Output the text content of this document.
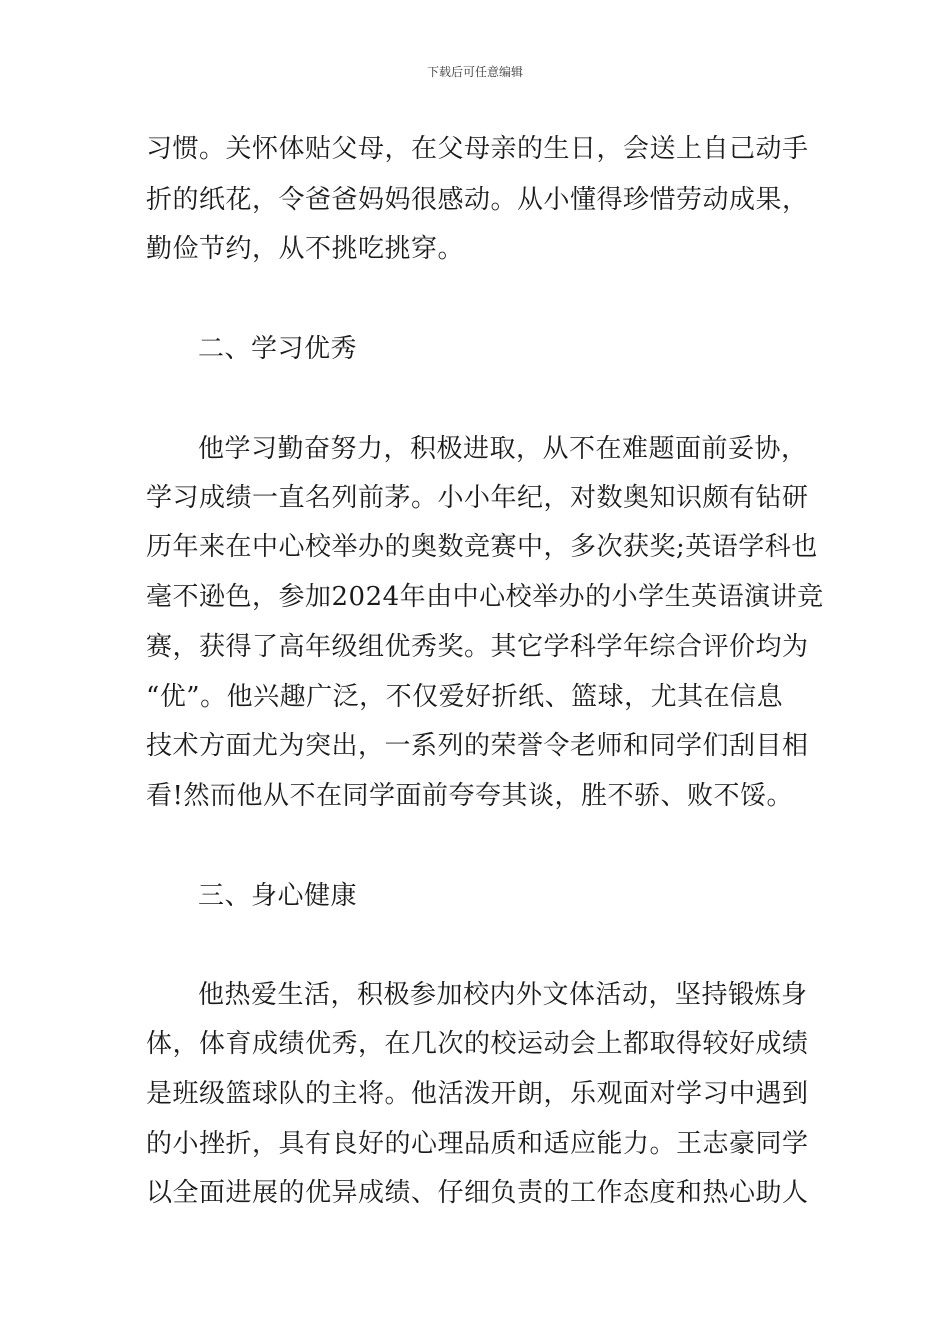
下载后可任意编辑
习惯。关怀体贴父母，在父母亲的生日，会送上自己动手
折的纸花，令爸爸妈妈很感动。从小懂得珍惜劳动成果，
勤俭节约，从不挑吃挑穿。
二、学习优秀
他学习勤奋努力，积极进取，从不在难题面前妥协，
学习成绩一直名列前茅。小小年纪，对数奥知识颇有钻研
历年来在中心校举办的奥数竞赛中，多次获奖;英语学科也
毫不逊色，参加2024年由中心校举办的小学生英语演讲竞
赛，获得了高年级组优秀奖。其它学科学年综合评价均为
“优”。他兴趣广泛，不仅爱好折纸、篮球，尤其在信息
技术方面尤为突出，一系列的荣誉令老师和同学们刮目相
看!然而他从不在同学面前夸夸其谈，胜不骄、败不馁。
三、身心健康
他热爱生活，积极参加校内外文体活动，坚持锻炼身
体，体育成绩优秀，在几次的校运动会上都取得较好成绩
是班级篮球队的主将。他活泼开朗，乐观面对学习中遇到
的小挫折，具有良好的心理品质和适应能力。王志豪同学
以全面进展的优异成绩、仔细负责的工作态度和热心助人
